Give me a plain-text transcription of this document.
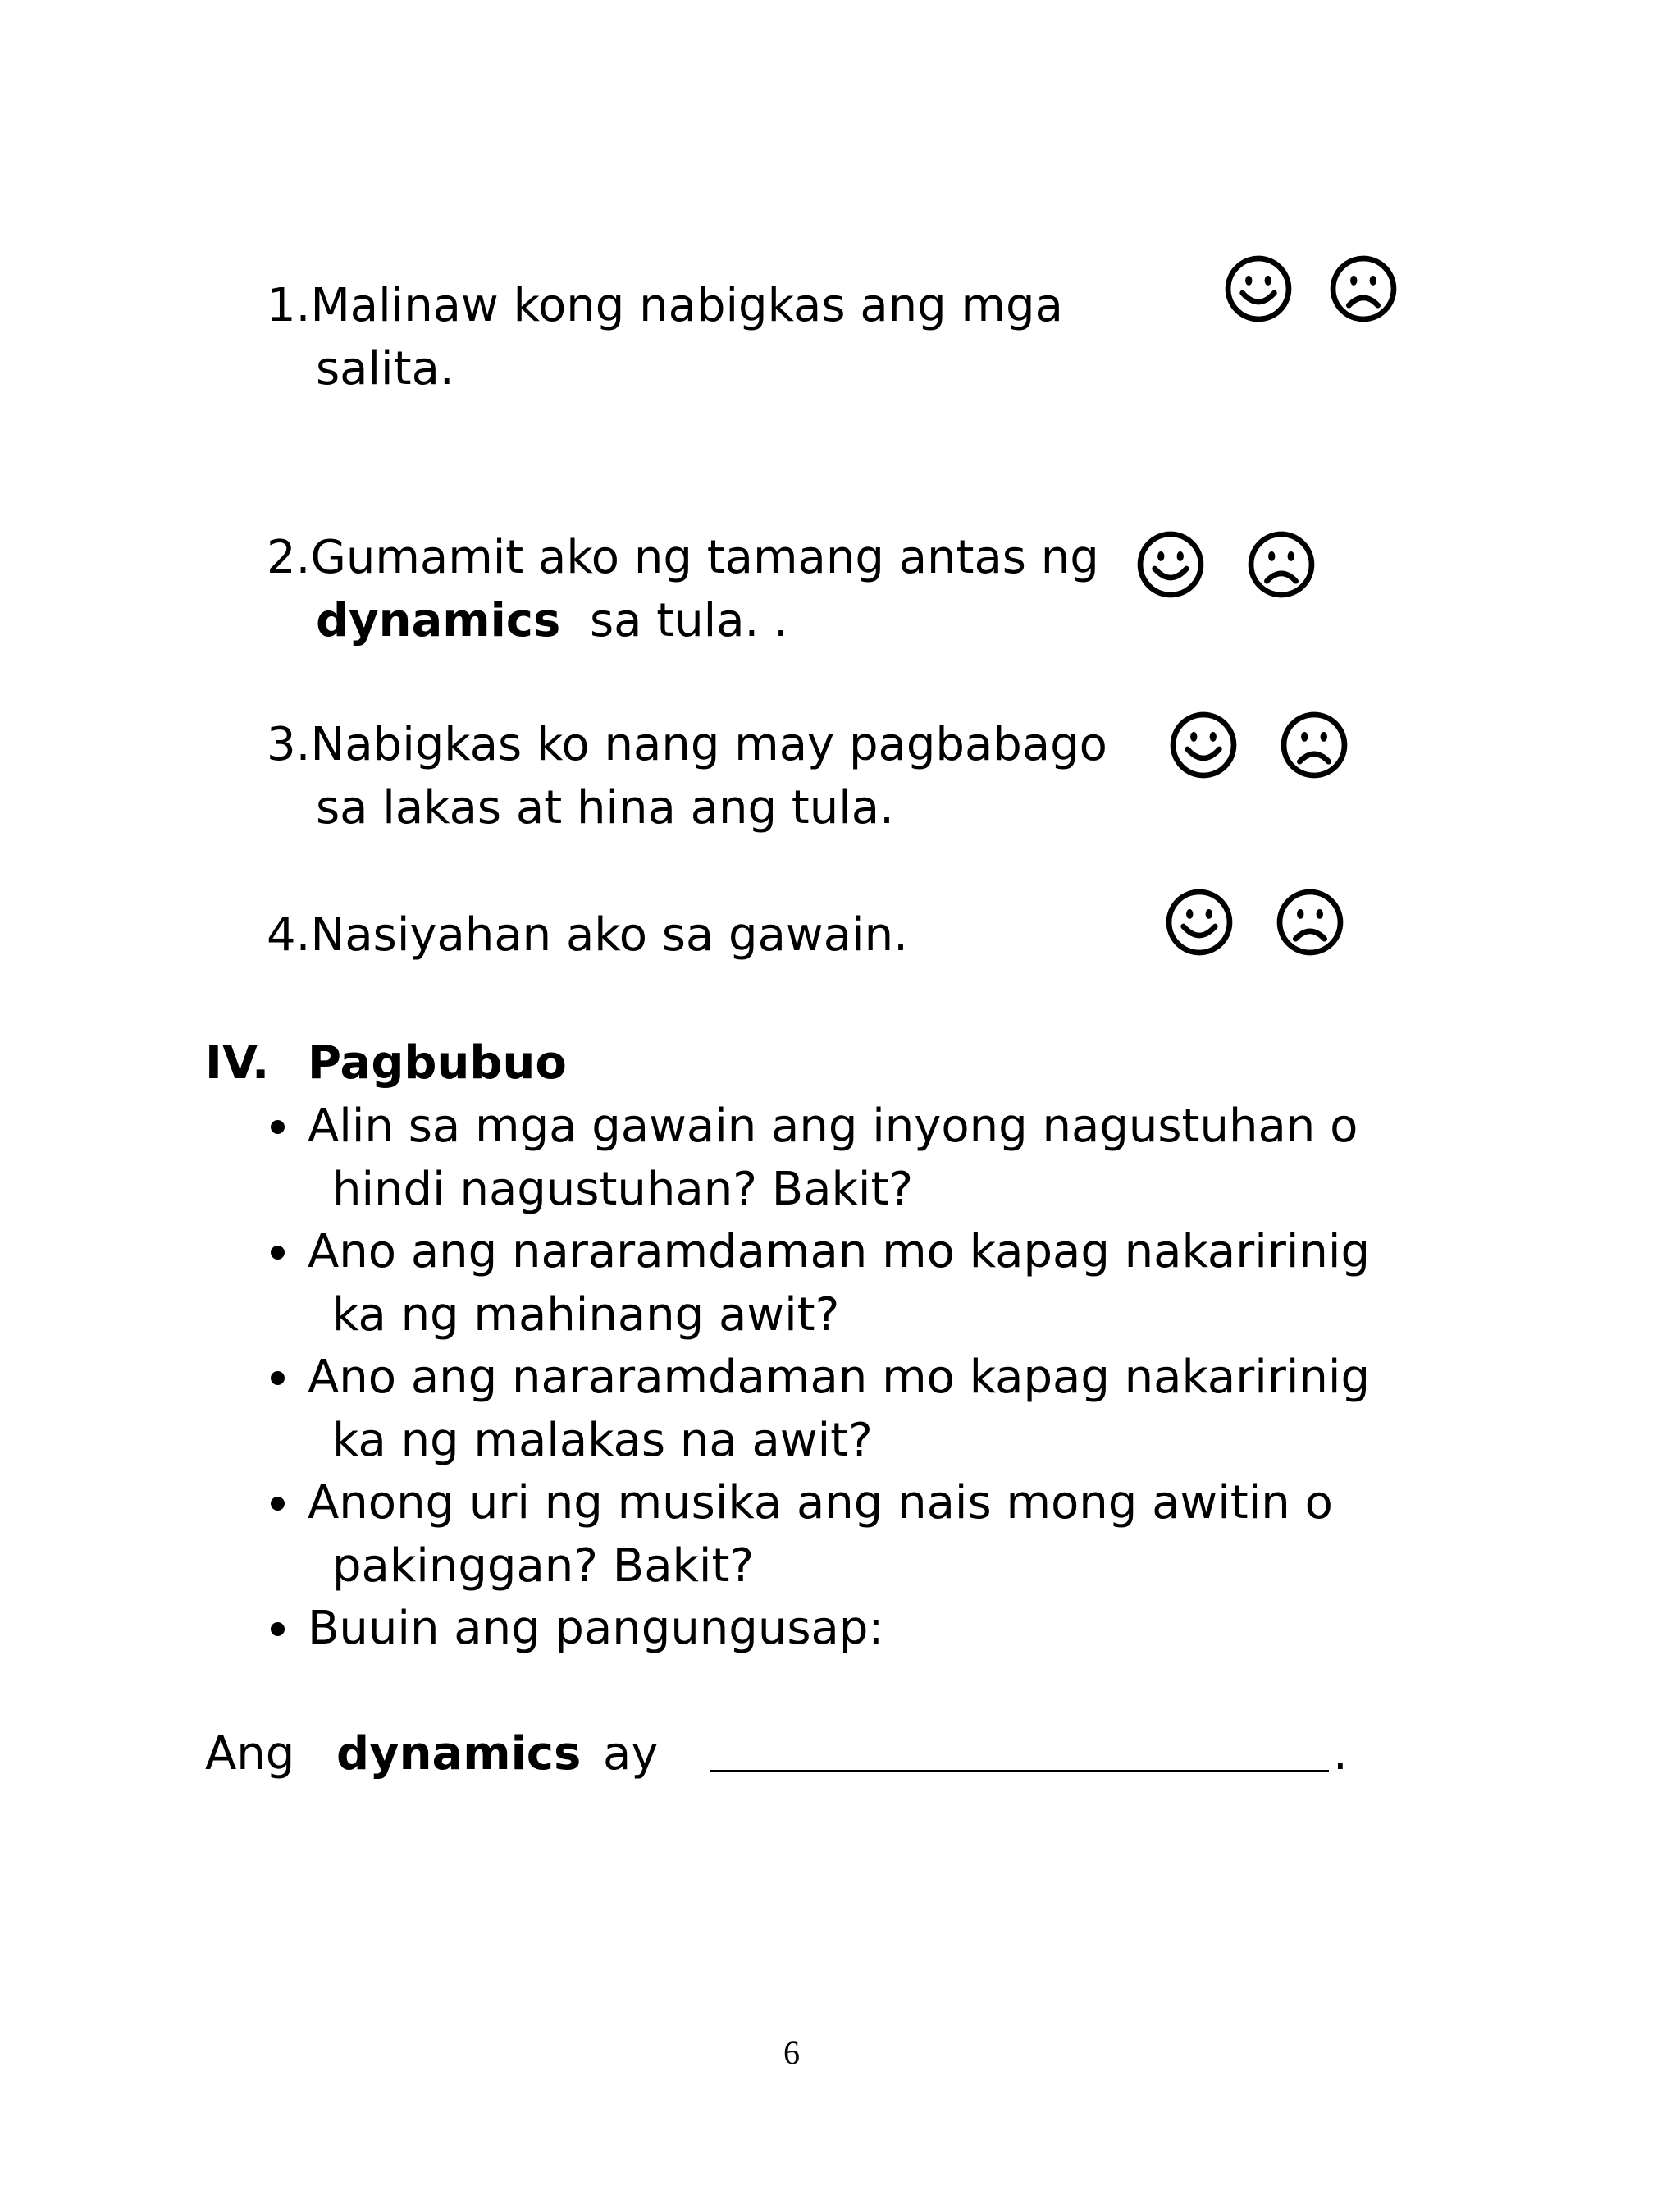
1.Malinaw kong nabigkas ang mga
salita.
2.Gumamit ako ng tamang antas ng
dynamics sa tula. .
3.Nabigkas ko nang may pagbabago
sa lakas at hina ang tula.
4.Nasiyahan ako sa gawain.
IV. Pagbubuo
Alin sa mga gawain ang inyong nagustuhan o
hindi nagustuhan? Bakit?
Ano ang nararamdaman mo kapag nakaririnig
ka ng mahinang awit?
Ano ang nararamdaman mo kapag nakaririnig
ka ng malakas na awit?
Anong uri ng musika ang nais mong awitin o
pakinggan? Bakit?
Buuin ang pangungusap:
Ang dynamics ay	.
6
